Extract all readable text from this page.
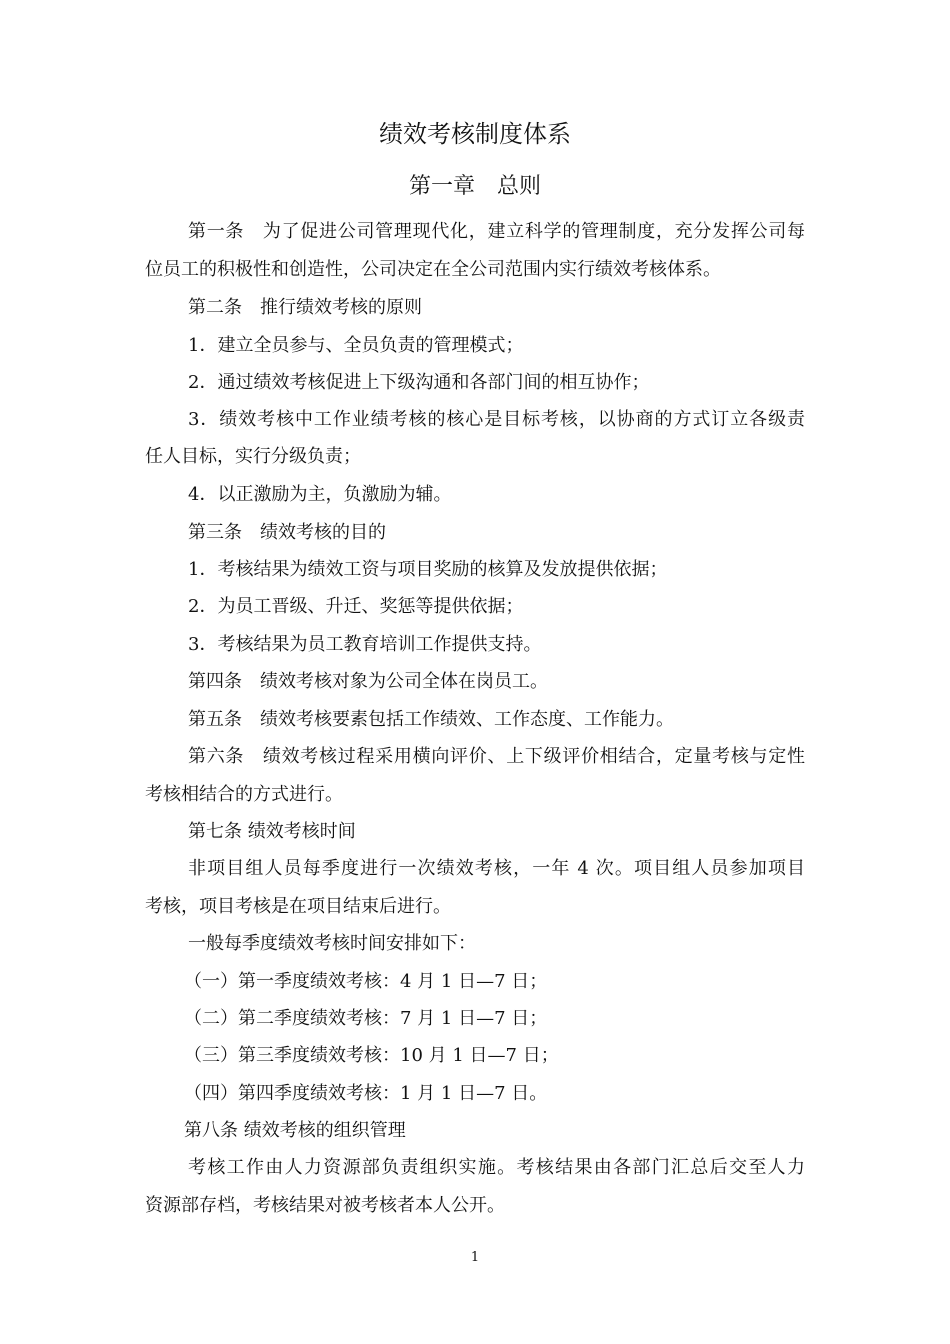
绩效考核制度体系
第一章　总则
第一条　为了促进公司管理现代化，建立科学的管理制度，充分发挥公司每
位员工的积极性和创造性，公司决定在全公司范围内实行绩效考核体系。
第二条　推行绩效考核的原则
1．建立全员参与、全员负责的管理模式；
2．通过绩效考核促进上下级沟通和各部门间的相互协作；
3．绩效考核中工作业绩考核的核心是目标考核，以协商的方式订立各级责
任人目标，实行分级负责；
4．以正激励为主，负激励为辅。
第三条　绩效考核的目的
1．考核结果为绩效工资与项目奖励的核算及发放提供依据；
2．为员工晋级、升迁、奖惩等提供依据；
3．考核结果为员工教育培训工作提供支持。
第四条　绩效考核对象为公司全体在岗员工。
第五条　绩效考核要素包括工作绩效、工作态度、工作能力。
第六条　绩效考核过程采用横向评价、上下级评价相结合，定量考核与定性
考核相结合的方式进行。
第七条 绩效考核时间
非项目组人员每季度进行一次绩效考核，一年 4 次。项目组人员参加项目
考核，项目考核是在项目结束后进行。
一般每季度绩效考核时间安排如下：
（一）第一季度绩效考核：4 月 1 日—7 日；
（二）第二季度绩效考核：7 月 1 日—7 日；
（三）第三季度绩效考核：10 月 1 日—7 日；
（四）第四季度绩效考核：1 月 1 日—7 日。
第八条 绩效考核的组织管理
考核工作由人力资源部负责组织实施。考核结果由各部门汇总后交至人力
资源部存档，考核结果对被考核者本人公开。
1
